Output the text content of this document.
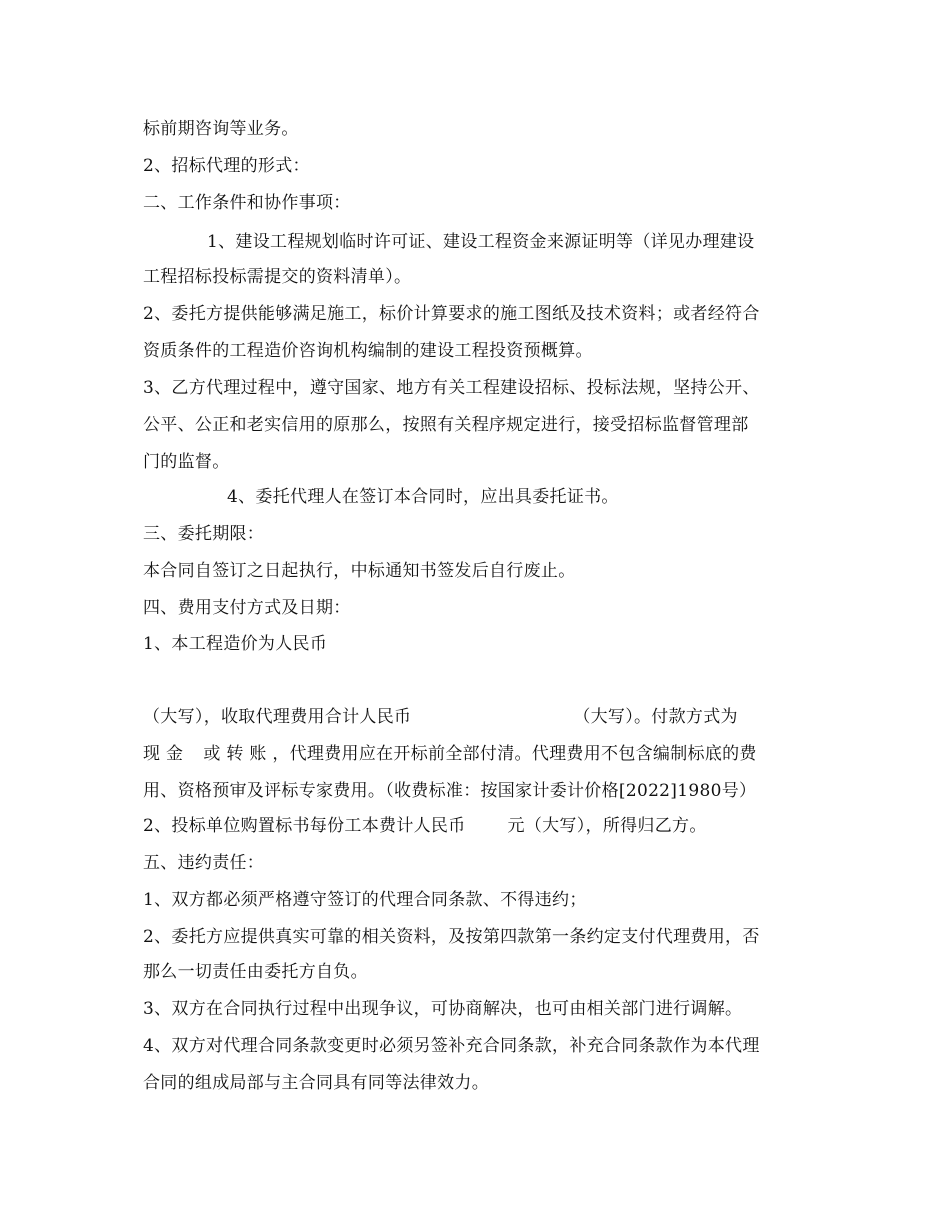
标前期咨询等业务。
2、招标代理的形式：
二、工作条件和协作事项：
1、建设工程规划临时许可证、建设工程资金来源证明等（详见办理建设
工程招标投标需提交的资料清单）。
2、委托方提供能够满足施工，标价计算要求的施工图纸及技术资料；或者经符合
资质条件的工程造价咨询机构编制的建设工程投资预概算。
3、乙方代理过程中，遵守国家、地方有关工程建设招标、投标法规，坚持公开、
公平、公正和老实信用的原那么，按照有关程序规定进行，接受招标监督管理部
门的监督。
4、委托代理人在签订本合同时，应出具委托证书。
三、委托期限：
本合同自签订之日起执行，中标通知书签发后自行废止。
四、费用支付方式及日期：
1、本工程造价为人民币
（大写），收取代理费用合计人民币	（大写）。付款方式为
现 金 或 转 账 ，代理费用应在开标前全部付清。代理费用不包含编制标底的费
用、资格预审及评标专家费用。（收费标准：按国家计委计价格[2022]1980号）
2、投标单位购置标书每份工本费计人民币 元（大写），所得归乙方。
五、违约责任：
1、双方都必须严格遵守签订的代理合同条款、不得违约；
2、委托方应提供真实可靠的相关资料，及按第四款第一条约定支付代理费用，否
那么一切责任由委托方自负。
3、双方在合同执行过程中出现争议，可协商解决，也可由相关部门进行调解。
4、双方对代理合同条款变更时必须另签补充合同条款，补充合同条款作为本代理
合同的组成局部与主合同具有同等法律效力。
